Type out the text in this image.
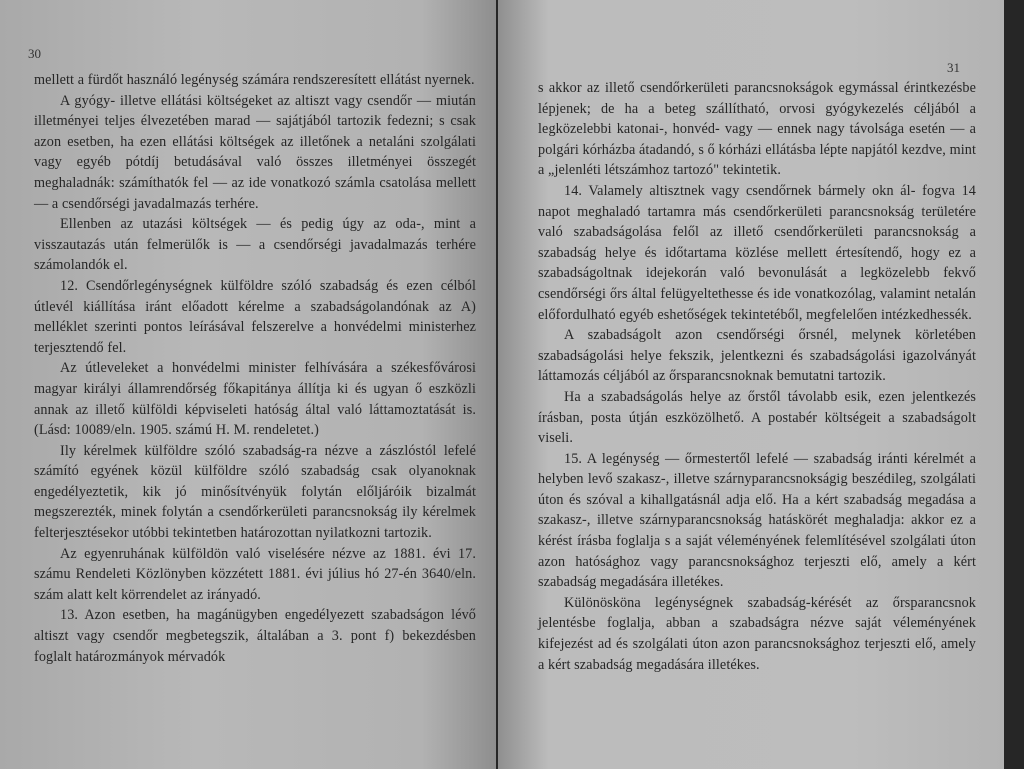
30

mellett a fürdőt használó legénység számára rendszeresített ellátást nyernek.

A gyógy- illetve ellátási költségeket az altiszt vagy csendőr — miután illetményei teljes élvezetében marad — sajátjából tartozik fedezni; s csak azon esetben, ha ezen ellátási költségek az illetőnek a netaláni szolgálati vagy egyéb pótdíj betudásával való összes illetményei összegét meghaladnák: számíthatók fel — az ide vonatkozó számla csatolása mellett — a csendőrségi javadalmazás terhére.

Ellenben az utazási költségek — és pedig úgy az oda-, mint a visszautazás után felmerülők is — a csendőrségi javadalmazás terhére számolandók el.

12. Csendőrlegénységnek külföldre szóló szabadság és ezen célból útlevél kiállítása iránt előadott kérelme a szabadságolandónak az A) melléklet szerinti pontos leírásával felszerelve a honvédelmi ministerhez terjesztendő fel.

Az útleveleket a honvédelmi minister felhívására a székesfővárosi magyar királyi államrendőrség főkapitánya állítja ki és ugyan ő eszközli annak az illető külföldi képviseleti hatóság által való láttamoztatását is. (Lásd: 10089/eln. 1905. számú H. M. rendeletet.)

Ily kérelmek külföldre szóló szabadság-ra nézve a zászlóstól lefelé számító egyének közül külföldre szóló szabadság csak olyanoknak engedélyeztetik, kik jó minősítvényük folytán előljáróik bizalmát megszerezték, minek folytán a csendőrkerületi parancsnokság ily kérelmek felterjesztésekor utóbbi tekintetben határozottan nyilatkozni tartozik.

Az egyenruhának külföldön való viselésére nézve az 1881. évi 17. számu Rendeleti Közlönyben közzétett 1881. évi július hó 27-én 3640/eln. szám alatt kelt körrendelet az irányadó.

13. Azon esetben, ha magánügyben engedélyezett szabadságon lévő altiszt vagy csendőr megbetegszik, általában a 3. pont f) bekezdésben foglalt határozmányok mérvadók

31

s akkor az illető csendőrkerületi parancsnokságok egymással érintkezésbe lépjenek; de ha a beteg szállítható, orvosi gyógykezelés céljából a legközelebbi katonai-, honvéd- vagy — ennek nagy távolsága esetén — a polgári kórházba átadandó, s ő kórházi ellátásba lépte napjától kezdve, mint a „jelenléti létszámhoz tartozó" tekintetik.

14. Valamely altisztnek vagy csendőrnek bármely okn ál- fogva 14 napot meghaladó tartamra más csendőrkerületi parancsnokság területére való szabadságolása felől az illető csendőrkerületi parancsnokság a szabadság helye és időtartama közlése mellett értesítendő, hogy ez a szabadságoltnak idejekorán való bevonulását a legközelebb fekvő csendőrségi őrs által felügyeltethesse és ide vonatkozólag, valamint netalán előfordulható egyéb eshetőségek tekintetéből, megfelelően intézkedhessék.

A szabadságolt azon csendőrségi őrsnél, melynek körletében szabadságolási helye fekszik, jelentkezni és szabadságolási igazolványát láttamozás céljából az őrsparancsnoknak bemutatni tartozik.

Ha a szabadságolás helye az őrstől távolabb esik, ezen jelentkezés írásban, posta útján eszközölhető. A postabér költségeit a szabadságolt viseli.

15. A legénység — őrmestertől lefelé — szabadság iránti kérelmét a helyben levő szakasz-, illetve szárnyparancsnokságig beszédileg, szolgálati úton és szóval a kihallgatásnál adja elő. Ha a kért szabadság megadása a szakasz-, illetve szárnyparancsnokság hatáskörét meghaladja: akkor ez a kérést írásba foglalja s a saját véleményének felemlítésével szolgálati úton azon hatósághoz vagy parancsnoksághoz terjeszti elő, amely a kért szabadság megadására illetékes.

Különösköna legénységnek szabadság-kérését az őrsparancsnok jelentésbe foglalja, abban a szabadságra nézve saját véleményének kifejezést ad és szolgálati úton azon parancsnoksághoz terjeszti elő, amely a kért szabadság megadására illetékes.
